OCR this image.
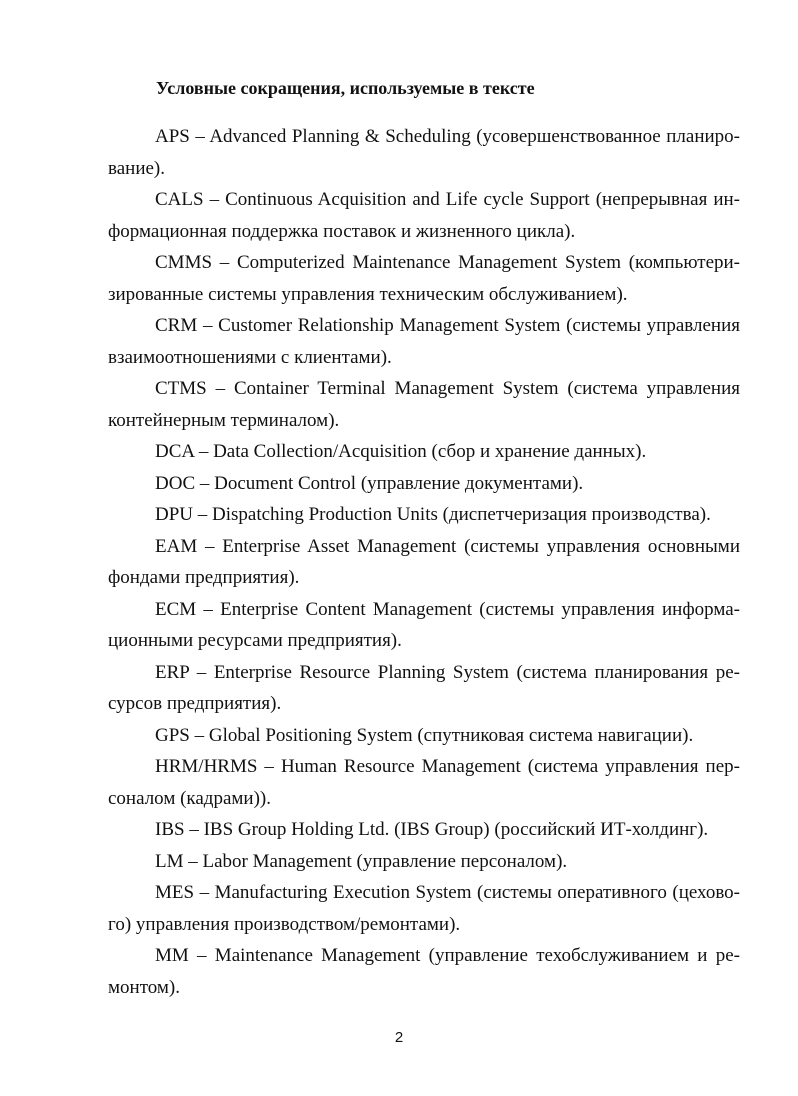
Условные сокращения, используемые в тексте

APS – Advanced Planning & Scheduling (усовершенствованное планиро-вание).

CALS – Continuous Acquisition and Life cycle Support (непрерывная ин-формационная поддержка поставок и жизненного цикла).

CMMS – Computerized Maintenance Management System (компьютери-зированные системы управления техническим обслуживанием).

CRM – Customer Relationship Management System (системы управления взаимоотношениями с клиентами).

CTMS – Container Terminal Management System (система управления контейнерным терминалом).

DCA – Data Collection/Acquisition (сбор и хранение данных).

DOC – Document Control (управление документами).

DPU – Dispatching Production Units (диспетчеризация производства).

EAM – Enterprise Asset Management (системы управления основными фондами предприятия).

ECM – Enterprise Content Management (системы управления информа-ционными ресурсами предприятия).

ERP – Enterprise Resource Planning System (система планирования ре-сурсов предприятия).

GPS – Global Positioning System (спутниковая система навигации).

HRM/HRMS – Human Resource Management (система управления пер-соналом (кадрами)).

IBS – IBS Group Holding Ltd. (IBS Group) (российский ИТ-холдинг).

LM – Labor Management (управление персоналом).

MES – Manufacturing Execution System (системы оперативного (цехово-го) управления производством/ремонтами).

MM – Maintenance Management (управление техобслуживанием и ре-монтом).

2
